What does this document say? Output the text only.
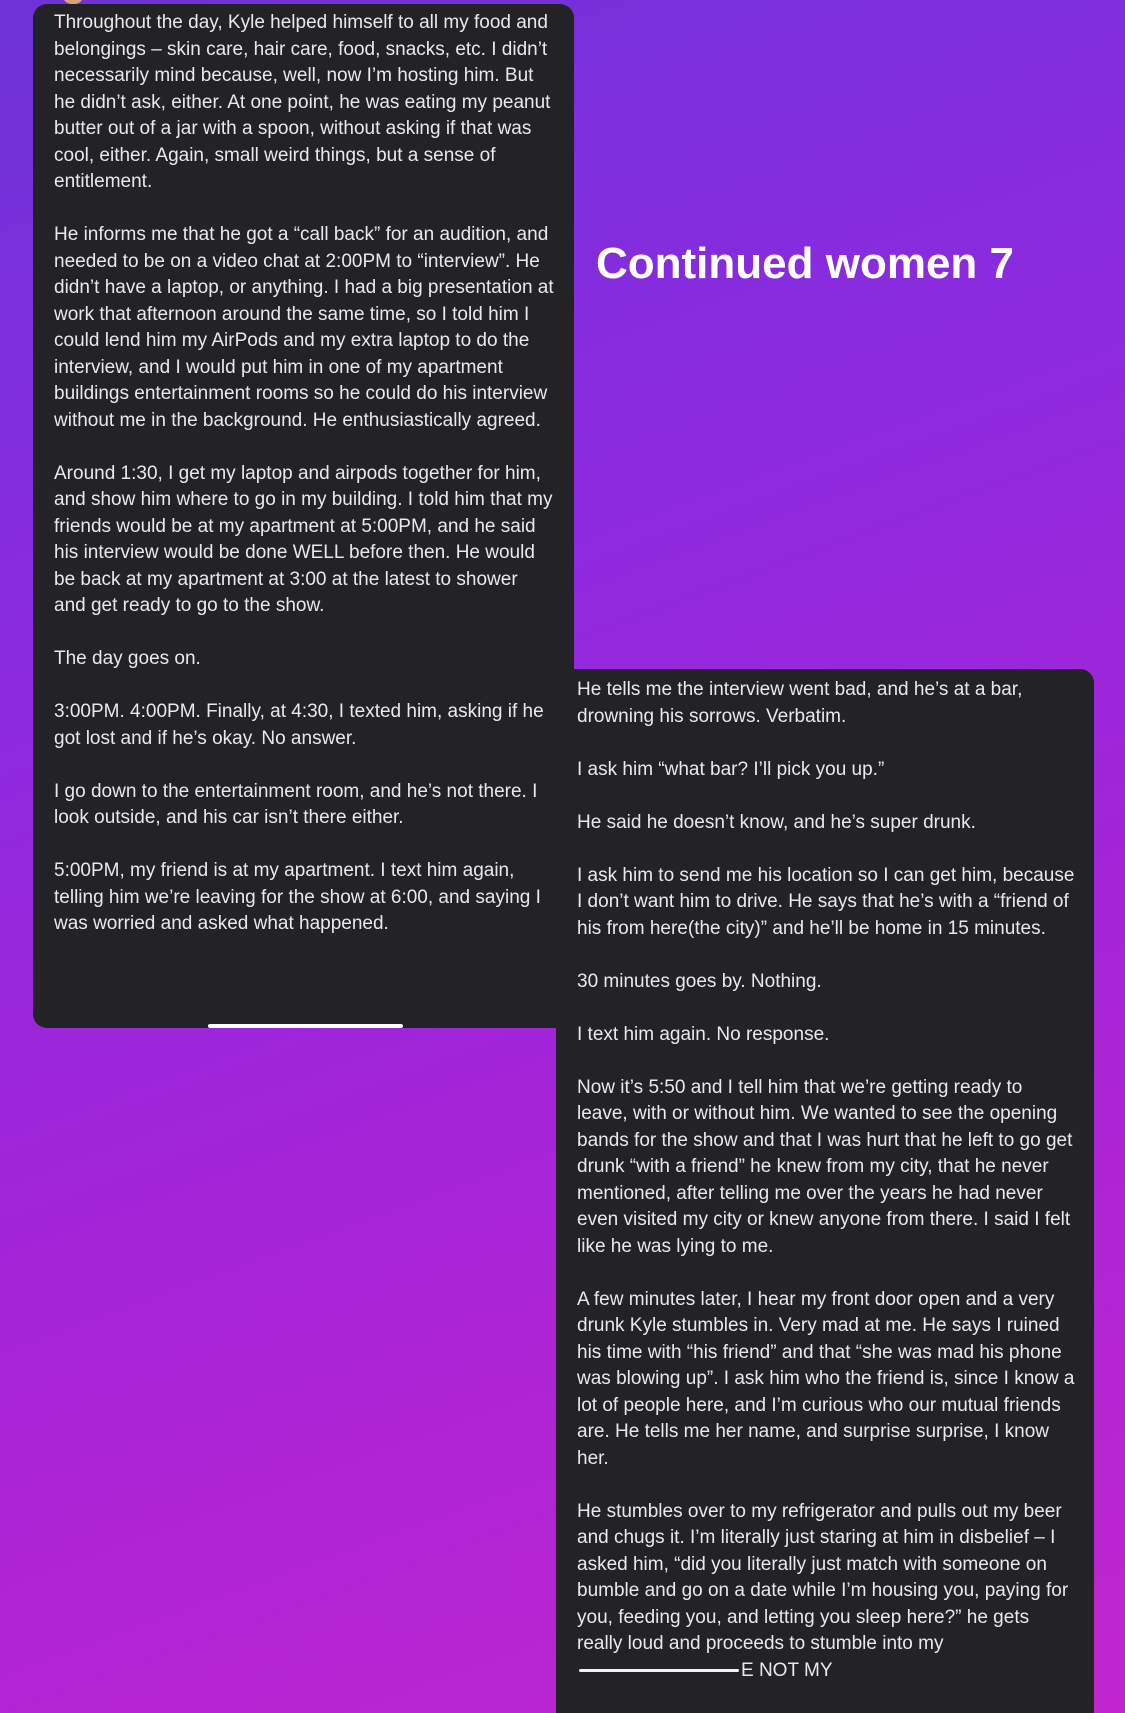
Throughout the day, Kyle helped himself to all my food and belongings – skin care, hair care, food, snacks, etc. I didn’t necessarily mind because, well, now I’m hosting him. But he didn’t ask, either. At one point, he was eating my peanut butter out of a jar with a spoon, without asking if that was cool, either. Again, small weird things, but a sense of entitlement.

He informs me that he got a “call back” for an audition, and needed to be on a video chat at 2:00PM to “interview”. He didn’t have a laptop, or anything. I had a big presentation at work that afternoon around the same time, so I told him I could lend him my AirPods and my extra laptop to do the interview, and I would put him in one of my apartment buildings entertainment rooms so he could do his interview without me in the background. He enthusiastically agreed.

Around 1:30, I get my laptop and airpods together for him, and show him where to go in my building. I told him that my friends would be at my apartment at 5:00PM, and he said his interview would be done WELL before then. He would be back at my apartment at 3:00 at the latest to shower and get ready to go to the show.

The day goes on.

3:00PM. 4:00PM. Finally, at 4:30, I texted him, asking if he got lost and if he’s okay. No answer.

I go down to the entertainment room, and he’s not there. I look outside, and his car isn’t there either.

5:00PM, my friend is at my apartment. I text him again, telling him we’re leaving for the show at 6:00, and saying I was worried and asked what happened.

Continued women 7

He tells me the interview went bad, and he’s at a bar, drowning his sorrows. Verbatim.

I ask him “what bar? I’ll pick you up.”

He said he doesn’t know, and he’s super drunk.

I ask him to send me his location so I can get him, because I don’t want him to drive. He says that he’s with a “friend of his from here(the city)” and he’ll be home in 15 minutes.

30 minutes goes by. Nothing.

I text him again. No response.

Now it’s 5:50 and I tell him that we’re getting ready to leave, with or without him. We wanted to see the opening bands for the show and that I was hurt that he left to go get drunk “with a friend” he knew from my city, that he never mentioned, after telling me over the years he had never even visited my city or knew anyone from there. I said I felt like he was lying to me.

A few minutes later, I hear my front door open and a very drunk Kyle stumbles in. Very mad at me. He says I ruined his time with “his friend” and that “she was mad his phone was blowing up”. I ask him who the friend is, since I know a lot of people here, and I’m curious who our mutual friends are. He tells me her name, and surprise surprise, I know her.

He stumbles over to my refrigerator and pulls out my beer and chugs it. I’m literally just staring at him in disbelief – I asked him, “did you literally just match with someone on bumble and go on a date while I’m housing you, paying for you, feeding you, and letting you sleep here?” he gets really loud and proceeds to stumble into my E NOT MY
